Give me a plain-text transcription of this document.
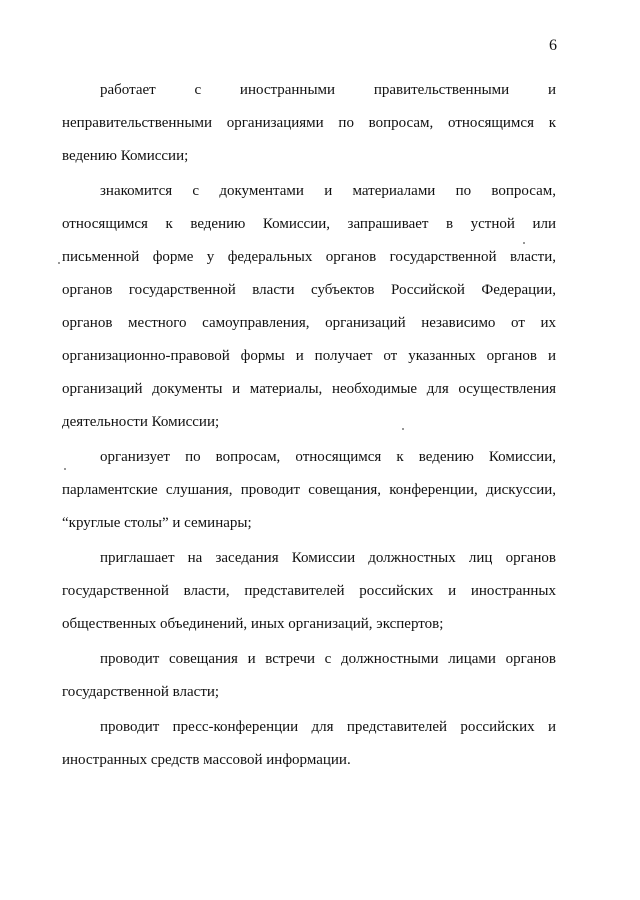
6

работает с иностранными правительственными и
неправительственными организациями по вопросам, относящимся к
ведению Комиссии;

знакомится с документами и материалами по вопросам,
относящимся к ведению Комиссии, запрашивает в устной или
письменной форме у федеральных органов государственной власти,
органов государственной власти субъектов Российской Федерации,
органов местного самоуправления, организаций независимо от их
организационно-правовой формы и получает от указанных органов и
организаций документы и материалы, необходимые для осуществления
деятельности Комиссии;

организует по вопросам, относящимся к ведению Комиссии,
парламентские слушания, проводит совещания, конференции, дискуссии,
“круглые столы” и семинары;

приглашает на заседания Комиссии должностных лиц органов
государственной власти, представителей российских и иностранных
общественных объединений, иных организаций, экспертов;

проводит совещания и встречи с должностными лицами органов
государственной власти;

проводит пресс-конференции для представителей российских и
иностранных средств массовой информации.
